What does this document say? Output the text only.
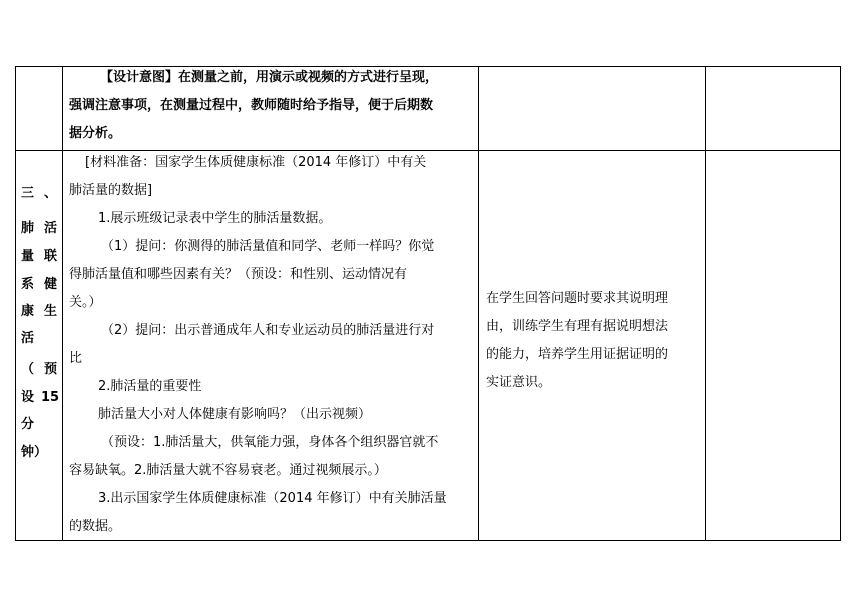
【设计意图】在测量之前，用演示或视频的方式进行呈现，
强调注意事项，在测量过程中，教师随时给予指导，便于后期数
据分析。
三 、
肺 活
量 联
系 健
康 生
活
（ 预
设 15
分
钟）
[材料准备：国家学生体质健康标准（2014 年修订）中有关
肺活量的数据]
1.展示班级记录表中学生的肺活量数据。
（1）提问：你测得的肺活量值和同学、老师一样吗？你觉
得肺活量值和哪些因素有关？（预设：和性别、运动情况有
关。）
（2）提问：出示普通成年人和专业运动员的肺活量进行对
比
2.肺活量的重要性
肺活量大小对人体健康有影响吗？（出示视频）
（预设：1.肺活量大，供氧能力强，身体各个组织器官就不
容易缺氧。2.肺活量大就不容易衰老。通过视频展示。）
3.出示国家学生体质健康标准（2014 年修订）中有关肺活量
的数据。
在学生回答问题时要求其说明理
由，训练学生有理有据说明想法
的能力，培养学生用证据证明的
实证意识。
